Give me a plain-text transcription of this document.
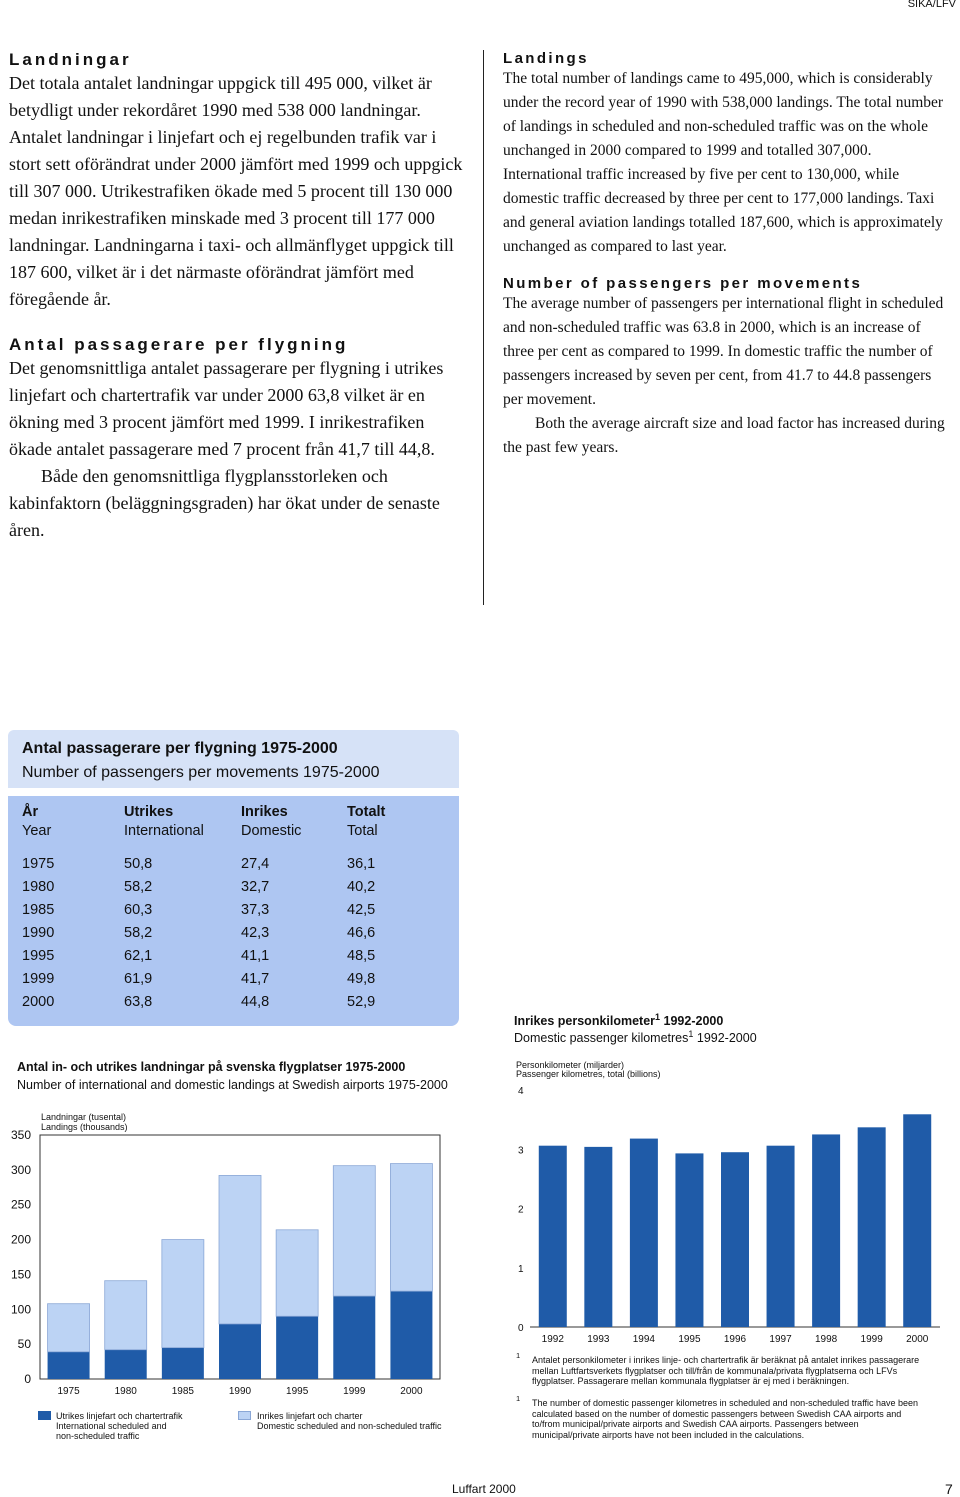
SIKA/LFV
Landningar

Det totala antalet landningar uppgick till 495 000, vilket är betydligt under rekordåret 1990 med 538 000 landningar. Antalet landningar i linjefart och ej regelbunden trafik var i stort sett oförändrat under 2000 jämfört med 1999 och uppgick till 307 000. Utrikestrafiken ökade med 5 procent till 130 000 medan inrikestrafiken minskade med 3 procent till 177 000 landningar. Landningarna i taxi- och allmänflyget uppgick till 187 600, vilket är i det närmaste oförändrat jämfört med föregående år.

Antal passagerare per flygning

Det genomsnittliga antalet passagerare per flygning i utrikes linjefart och chartertrafik var under 2000 63,8 vilket är en ökning med 3 procent jämfört med 1999. I inrikestrafiken ökade antalet passagerare med 7 procent från 41,7 till 44,8.

Både den genomsnittliga flygplansstorleken och kabinfaktorn (beläggningsgraden) har ökat under de senaste åren.

Landings

The total number of landings came to 495,000, which is considerably under the record year of 1990 with 538,000 landings. The total number of landings in scheduled and non-scheduled traffic was on the whole unchanged in 2000 compared to 1999 and totalled 307,000. International traffic increased by five per cent to 130,000, while domestic traffic decreased by three per cent to 177,000 landings. Taxi and general aviation landings totalled 187,600, which is approximately unchanged as compared to last year.

Number of passengers per movements

The average number of passengers per international flight in scheduled and non-scheduled traffic was 63.8 in 2000, which is an increase of three per cent as compared to 1999. In domestic traffic the number of passengers increased by seven per cent, from 41.7 to 44.8 passengers per movement.

Both the average aircraft size and load factor has increased during the past few years.

Antal passagerare per flygning 1975-2000
Number of passengers per movements 1975-2000
År	Utrikes	Inrikes	Totalt
Year	International	Domestic	Total
1975	50,8	27,4	36,1
1980	58,2	32,7	40,2
1985	60,3	37,3	42,5
1990	58,2	42,3	46,6
1995	62,1	41,1	48,5
1999	61,9	41,7	49,8
2000	63,8	44,8	52,9
Antal in- och utrikes landningar på svenska flygplatser 1975-2000
Number of international and domestic landings at Swedish airports 1975-2000
Landningar (tusental)
Landings (thousands)
0
50
100
150
200
250
300
350
1975	1980	1985	1990	1995	1999	2000
Utrikes linjefart och chartertrafik
International scheduled and
non-scheduled traffic
Inrikes linjefart och charter
Domestic scheduled and non-scheduled traffic
Inrikes personkilometer$^1$ 1992-2000
Domestic passenger kilometres$^1$ 1992-2000
Personkilometer (miljarder)
Passenger kilometres, total (billions)
0
1
2
3
4
1992 1993 1994 1995 1996 1997 1998 1999 2000
$^1$ Antalet personkilometer i inrikes linje- och chartertrafik är beräknat på antalet inrikes passagerare mellan Luftfartsverkets flygplatser och till/från de kommunala/privata flygplatserna och LFVs flygplatser. Passagerare mellan kommunala flygplatser är ej med i beräkningen.
$^1$ The number of domestic passenger kilometres in scheduled and non-scheduled traffic have been calculated based on the number of domestic passengers between Swedish CAA airports and to/from municipal/private airports and Swedish CAA airports. Passengers between municipal/private airports have not been included in the calculations.
Luffart 2000	7
